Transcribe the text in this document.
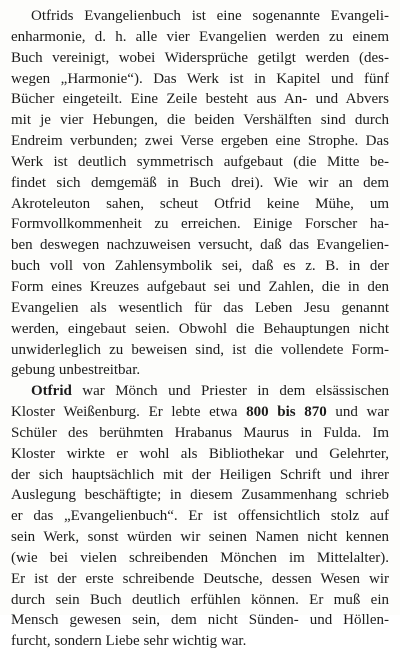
Otfrids Evangelienbuch ist eine sogenannte Evangeli-
enharmonie, d. h. alle vier Evangelien werden zu einem
Buch vereinigt, wobei Widersprüche getilgt werden (des-
wegen „Harmonie“). Das Werk ist in Kapitel und fünf
Bücher eingeteilt. Eine Zeile besteht aus An- und Abvers
mit je vier Hebungen, die beiden Vershälften sind durch
Endreim verbunden; zwei Verse ergeben eine Strophe. Das
Werk ist deutlich symmetrisch aufgebaut (die Mitte be-
findet sich demgemäß in Buch drei). Wie wir an dem
Akroteleuton sahen, scheut Otfrid keine Mühe, um
Formvollkommenheit zu erreichen. Einige Forscher ha-
ben deswegen nachzuweisen versucht, daß das Evangelien-
buch voll von Zahlensymbolik sei, daß es z. B. in der
Form eines Kreuzes aufgebaut sei und Zahlen, die in den
Evangelien als wesentlich für das Leben Jesu genannt
werden, eingebaut seien. Obwohl die Behauptungen nicht
unwiderleglich zu beweisen sind, ist die vollendete Form-
gebung unbestreitbar.
Otfrid war Mönch und Priester in dem elsässischen
Kloster Weißenburg. Er lebte etwa 800 bis 870 und war
Schüler des berühmten Hrabanus Maurus in Fulda. Im
Kloster wirkte er wohl als Bibliothekar und Gelehrter,
der sich hauptsächlich mit der Heiligen Schrift und ihrer
Auslegung beschäftigte; in diesem Zusammenhang schrieb
er das „Evangelienbuch“. Er ist offensichtlich stolz auf
sein Werk, sonst würden wir seinen Namen nicht kennen
(wie bei vielen schreibenden Mönchen im Mittelalter).
Er ist der erste schreibende Deutsche, dessen Wesen wir
durch sein Buch deutlich erfühlen können. Er muß ein
Mensch gewesen sein, dem nicht Sünden- und Höllen-
furcht, sondern Liebe sehr wichtig war.
